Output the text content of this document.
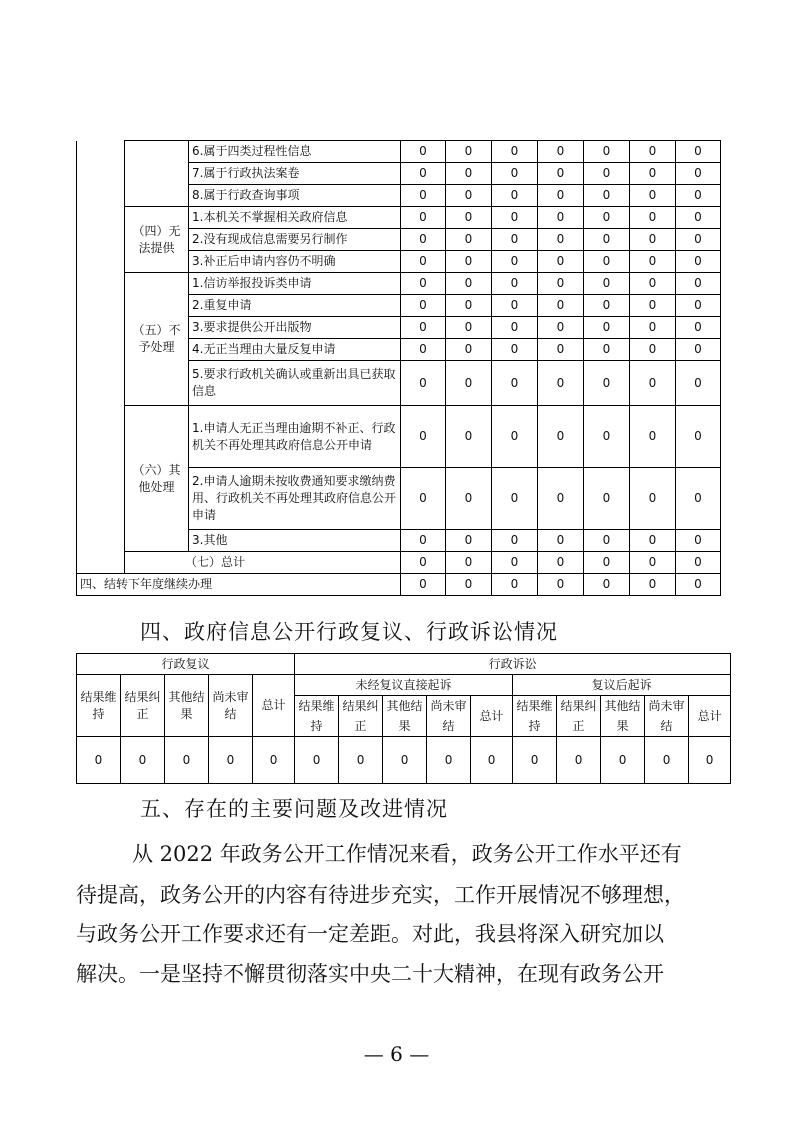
		6.属于四类过程性信息	0	0	0	0	0	0	0
		7.属于行政执法案卷	0	0	0	0	0	0	0
		8.属于行政查询事项	0	0	0	0	0	0	0
	（四）无法提供	1.本机关不掌握相关政府信息	0	0	0	0	0	0	0
		2.没有现成信息需要另行制作	0	0	0	0	0	0	0
		3.补正后申请内容仍不明确	0	0	0	0	0	0	0
	（五）不予处理	1.信访举报投诉类申请	0	0	0	0	0	0	0
		2.重复申请	0	0	0	0	0	0	0
		3.要求提供公开出版物	0	0	0	0	0	0	0
		4.无正当理由大量反复申请	0	0	0	0	0	0	0
		5.要求行政机关确认或重新出具已获取信息	0	0	0	0	0	0	0
	（六）其他处理	1.申请人无正当理由逾期不补正、行政机关不再处理其政府信息公开申请	0	0	0	0	0	0	0
		2.申请人逾期未按收费通知要求缴纳费用、行政机关不再处理其政府信息公开申请	0	0	0	0	0	0	0
		3.其他	0	0	0	0	0	0	0
	（七）总计		0	0	0	0	0	0	0
四、结转下年度继续办理			0	0	0	0	0	0	0
四、政府信息公开行政复议、行政诉讼情况
行政复议					行政诉讼									
结果维持	结果纠正	其他结果	尚未审结	总计	未经复议直接起诉					复议后起诉				
					结果维持	结果纠正	其他结果	尚未审结	总计	结果维持	结果纠正	其他结果	尚未审结	总计
0	0	0	0	0	0	0	0	0	0	0	0	0	0	0
五、存在的主要问题及改进情况
从 2022 年政务公开工作情况来看，政务公开工作水平还有
待提高，政务公开的内容有待进步充实，工作开展情况不够理想，
与政务公开工作要求还有一定差距。对此，我县将深入研究加以
解决。一是坚持不懈贯彻落实中央二十大精神，在现有政务公开
— 6 —
